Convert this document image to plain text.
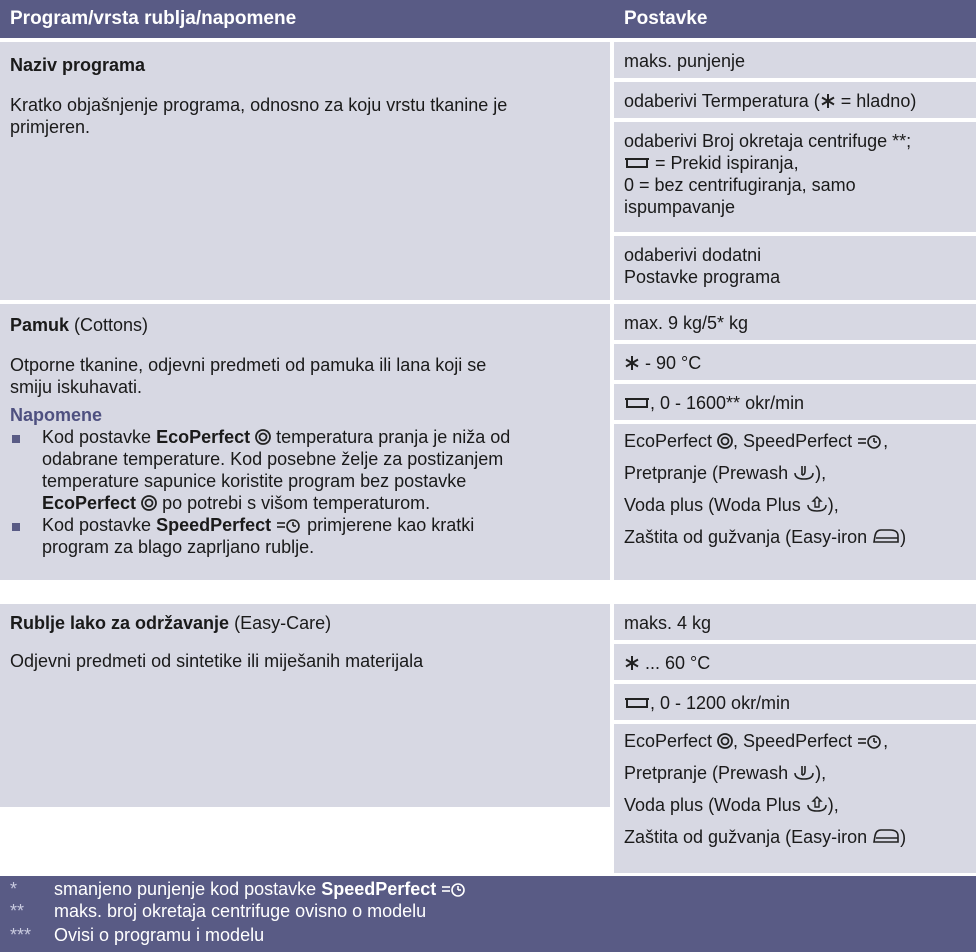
Program/vrsta rublja/napomene	Postavke
Naziv programa
Kratko objašnjenje programa, odnosno za koju vrstu tkanine je
primjeren.
maks. punjenje
odaberivi Termperatura ( = hladno)
odaberivi Broj okretaja centrifuge **;
= Prekid ispiranja,
0 = bez centrifugiranja, samo
ispumpavanje
odaberivi dodatni
Postavke programa
Pamuk (Cottons)
Otporne tkanine, odjevni predmeti od pamuka ili lana koji se
smiju iskuhavati.
Napomene
Kod postavke EcoPerfect  temperatura pranja je niža od
odabrane temperature. Kod posebne želje za postizanjem
temperature sapunice koristite program bez postavke
EcoPerfect  po potrebi s višom temperaturom.
Kod postavke SpeedPerfect  primjerene kao kratki
program za blago zaprljano rublje.
max. 9 kg/5* kg
- 90 °C
, 0 - 1600** okr/min
EcoPerfect , SpeedPerfect ,
Pretpranje (Prewash ),
Voda plus (Woda Plus ),
Zaštita od gužvanja (Easy-iron )
Rublje lako za održavanje (Easy-Care)
Odjevni predmeti od sintetike ili miješanih materijala
maks. 4 kg
... 60 °C
, 0 - 1200 okr/min
EcoPerfect , SpeedPerfect ,
Pretpranje (Prewash ),
Voda plus (Woda Plus ),
Zaštita od gužvanja (Easy-iron )
* smanjeno punjenje kod postavke SpeedPerfect
** maks. broj okretaja centrifuge ovisno o modelu
*** Ovisi o programu i modelu
